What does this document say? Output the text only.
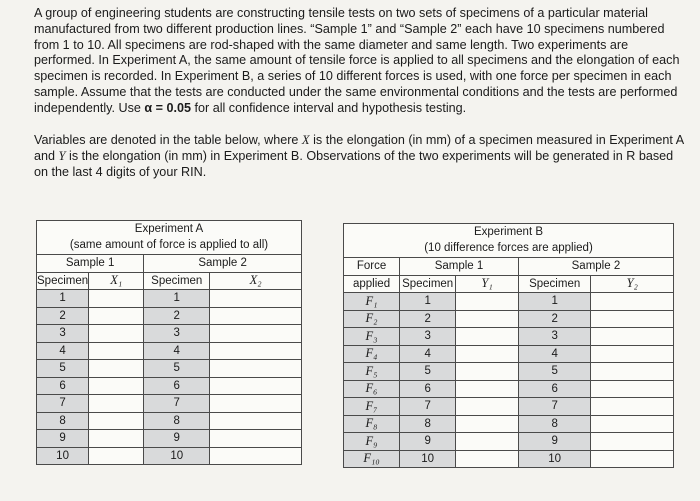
A group of engineering students are constructing tensile tests on two sets of specimens of a particular material manufactured from two different production lines. “Sample 1” and “Sample 2” each have 10 specimens numbered from 1 to 10. All specimens are rod-shaped with the same diameter and same length. Two experiments are performed. In Experiment A, the same amount of tensile force is applied to all specimens and the elongation of each specimen is recorded. In Experiment B, a series of 10 different forces is used, with one force per specimen in each sample. Assume that the tests are conducted under the same environmental conditions and the tests are performed independently. Use α = 0.05 for all confidence interval and hypothesis testing.

Variables are denoted in the table below, where X is the elongation (in mm) of a specimen measured in Experiment A and Y is the elongation (in mm) in Experiment B. Observations of the two experiments will be generated in R based on the last 4 digits of your RIN.

Experiment A			
(same amount of force is applied to all)			
Sample 1		Sample 2	
Specimen	X₁	Specimen	X₂
1		1	
2		2	
3		3	
4		4	
5		5	
6		6	
7		7	
8		8	
9		9	
10		10	
Experiment B				
(10 difference forces are applied)				
Force	Sample 1		Sample 2	
applied	Specimen	Y₁	Specimen	Y₂
F₁	1		1	
F₂	2		2	
F₃	3		3	
F₄	4		4	
F₅	5		5	
F₆	6		6	
F₇	7		7	
F₈	8		8	
F₉	9		9	
F₁₀	10		10	
